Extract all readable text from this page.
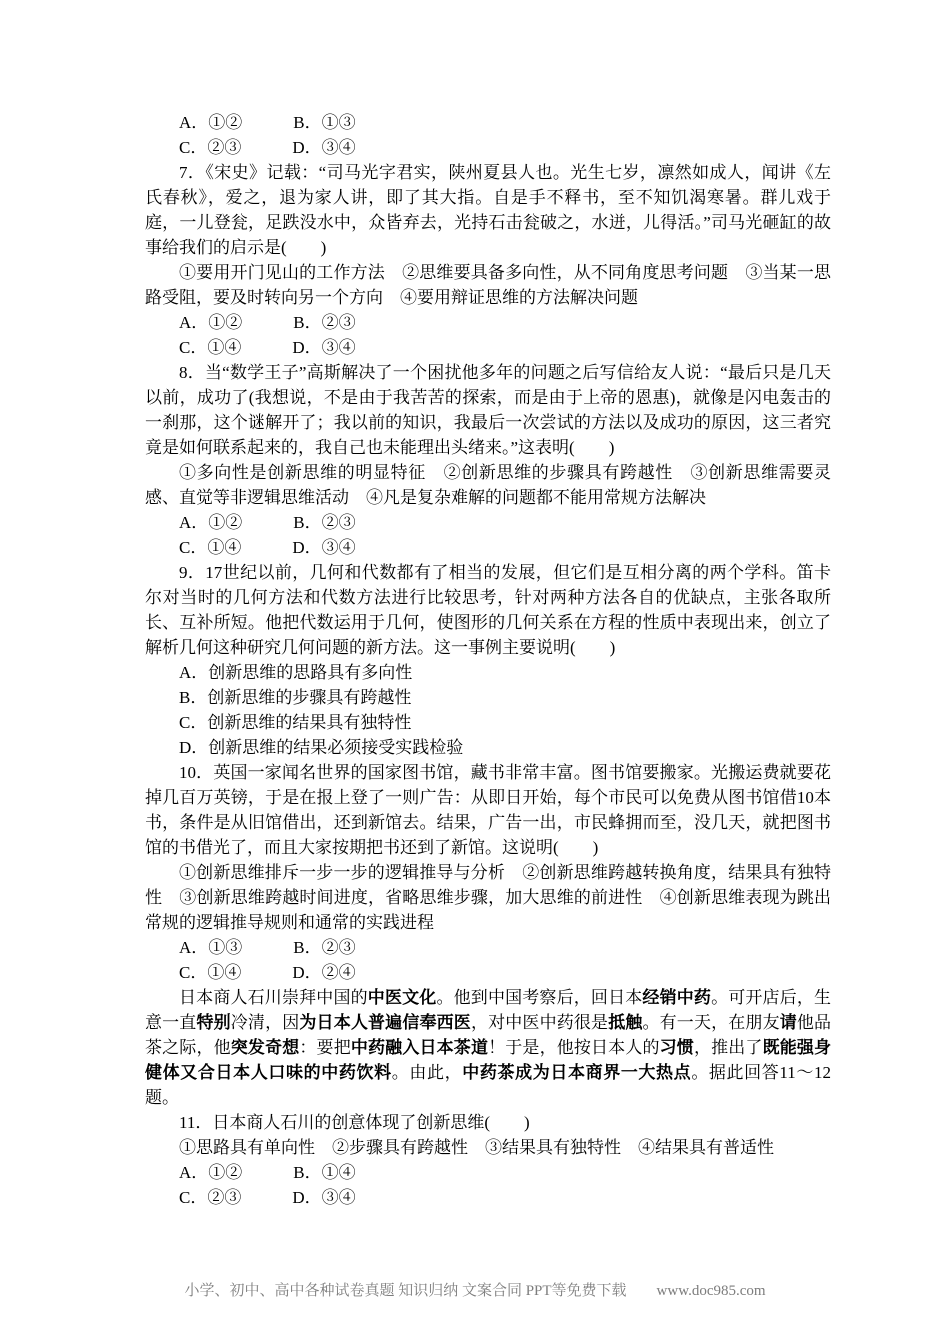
A．①②　　　B．①③

C．②③　　　D．③④

7．《宋史》记载：“司马光字君实，陕州夏县人也。光生七岁，凛然如成人，闻讲《左氏春秋》，爱之，退为家人讲，即了其大指。自是手不释书，至不知饥渴寒暑。群儿戏于庭，一儿登瓮，足跌没水中，众皆弃去，光持石击瓮破之，水迸，儿得活。”司马光砸缸的故事给我们的启示是(　　)

①要用开门见山的工作方法　②思维要具备多向性，从不同角度思考问题　③当某一思路受阻，要及时转向另一个方向　④要用辩证思维的方法解决问题

A．①②　　　B．②③

C．①④　　　D．③④

8．当“数学王子”高斯解决了一个困扰他多年的问题之后写信给友人说：“最后只是几天以前，成功了(我想说，不是由于我苦苦的探索，而是由于上帝的恩惠)，就像是闪电轰击的一刹那，这个谜解开了；我以前的知识，我最后一次尝试的方法以及成功的原因，这三者究竟是如何联系起来的，我自己也未能理出头绪来。”这表明(　　)

①多向性是创新思维的明显特征　②创新思维的步骤具有跨越性　③创新思维需要灵感、直觉等非逻辑思维活动　④凡是复杂难解的问题都不能用常规方法解决

A．①②　　　B．②③

C．①④　　　D．③④

9．17世纪以前，几何和代数都有了相当的发展，但它们是互相分离的两个学科。笛卡尔对当时的几何方法和代数方法进行比较思考，针对两种方法各自的优缺点，主张各取所长、互补所短。他把代数运用于几何，使图形的几何关系在方程的性质中表现出来，创立了解析几何这种研究几何问题的新方法。这一事例主要说明(　　)

A．创新思维的思路具有多向性

B．创新思维的步骤具有跨越性

C．创新思维的结果具有独特性

D．创新思维的结果必须接受实践检验

10．英国一家闻名世界的国家图书馆，藏书非常丰富。图书馆要搬家。光搬运费就要花掉几百万英镑，于是在报上登了一则广告：从即日开始，每个市民可以免费从图书馆借10本书，条件是从旧馆借出，还到新馆去。结果，广告一出，市民蜂拥而至，没几天，就把图书馆的书借光了，而且大家按期把书还到了新馆。这说明(　　)

①创新思维排斥一步一步的逻辑推导与分析　②创新思维跨越转换角度，结果具有独特性　③创新思维跨越时间进度，省略思维步骤，加大思维的前进性　④创新思维表现为跳出常规的逻辑推导规则和通常的实践进程

A．①③　　　B．②③

C．①④　　　D．②④

日本商人石川崇拜中国的中医文化。他到中国考察后，回日本经销中药。可开店后，生意一直特别冷清，因为日本人普遍信奉西医，对中医中药很是抵触。有一天，在朋友请他品茶之际，他突发奇想：要把中药融入日本茶道！于是，他按日本人的习惯，推出了既能强身健体又合日本人口味的中药饮料。由此，中药茶成为日本商界一大热点。据此回答11～12题。

11．日本商人石川的创意体现了创新思维(　　)

①思路具有单向性　②步骤具有跨越性　③结果具有独特性　④结果具有普适性

A．①②　　　B．①④

C．②③　　　D．③④

小学、初中、高中各种试卷真题 知识归纳 文案合同 PPT等免费下载 www.doc985.com
